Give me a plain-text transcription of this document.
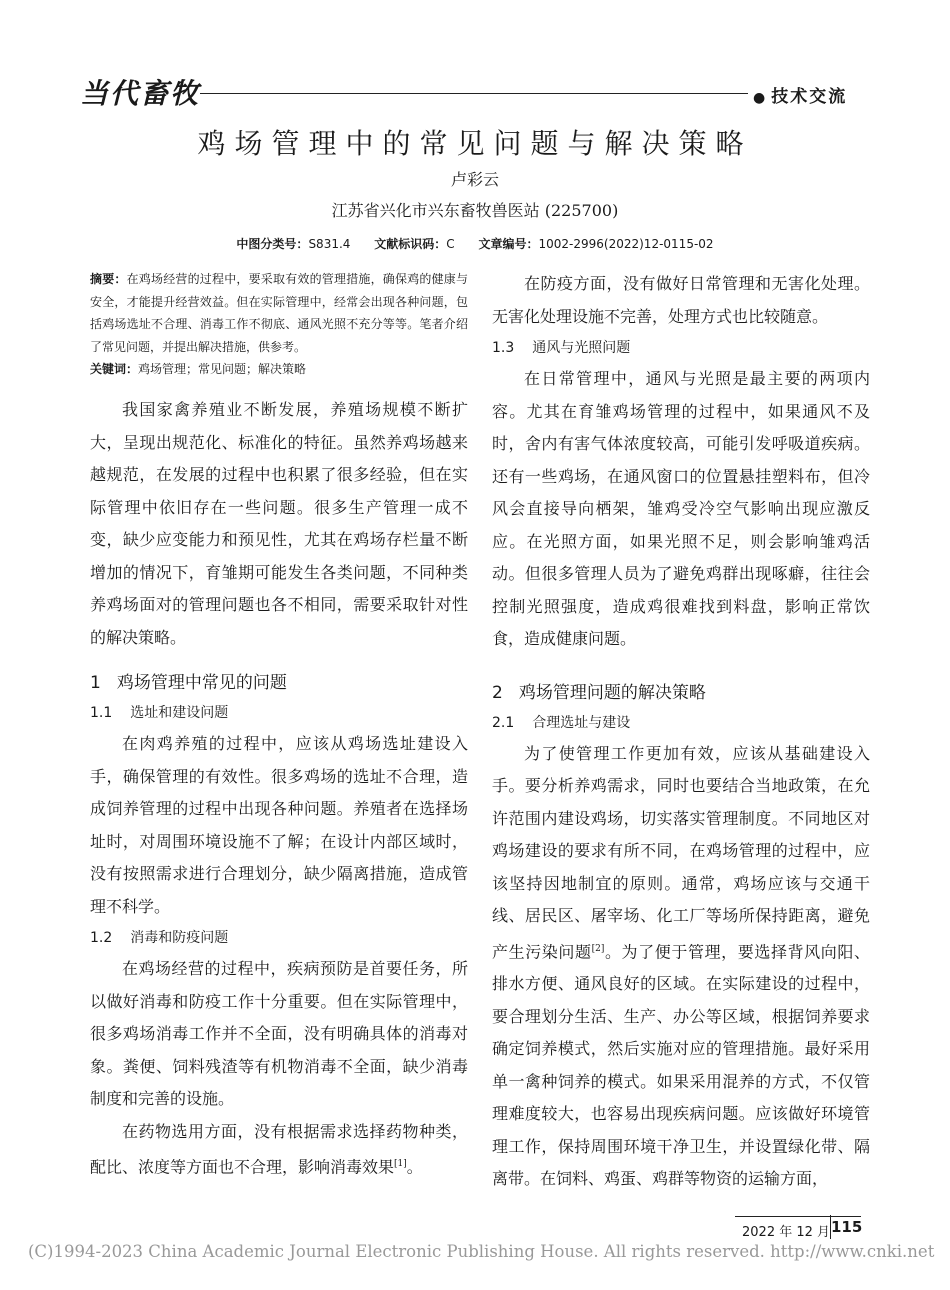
当代畜牧	● 技术交流
鸡场管理中的常见问题与解决策略
卢彩云
江苏省兴化市兴东畜牧兽医站 (225700)
中图分类号：S831.4 文献标识码：C 文章编号：1002-2996(2022)12-0115-02

摘要：在鸡场经营的过程中，要采取有效的管理措施，确保鸡的健康与安全，才能提升经营效益。但在实际管理中，经常会出现各种问题，包括鸡场选址不合理、消毒工作不彻底、通风光照不充分等等。笔者介绍了常见问题，并提出解决措施，供参考。

关键词：鸡场管理；常见问题；解决策略

我国家禽养殖业不断发展，养殖场规模不断扩大，呈现出规范化、标准化的特征。虽然养鸡场越来越规范，在发展的过程中也积累了很多经验，但在实际管理中依旧存在一些问题。很多生产管理一成不变，缺少应变能力和预见性，尤其在鸡场存栏量不断增加的情况下，育雏期可能发生各类问题，不同种类养鸡场面对的管理问题也各不相同，需要采取针对性的解决策略。

1 鸡场管理中常见的问题
1.1 选址和建设问题

在肉鸡养殖的过程中，应该从鸡场选址建设入手，确保管理的有效性。很多鸡场的选址不合理，造成饲养管理的过程中出现各种问题。养殖者在选择场址时，对周围环境设施不了解；在设计内部区域时，没有按照需求进行合理划分，缺少隔离措施，造成管理不科学。

1.2 消毒和防疫问题

在鸡场经营的过程中，疾病预防是首要任务，所以做好消毒和防疫工作十分重要。但在实际管理中，很多鸡场消毒工作并不全面，没有明确具体的消毒对象。粪便、饲料残渣等有机物消毒不全面，缺少消毒制度和完善的设施。

在药物选用方面，没有根据需求选择药物种类，配比、浓度等方面也不合理，影响消毒效果[1]。

在防疫方面，没有做好日常管理和无害化处理。无害化处理设施不完善，处理方式也比较随意。

1.3 通风与光照问题

在日常管理中，通风与光照是最主要的两项内容。尤其在育雏鸡场管理的过程中，如果通风不及时，舍内有害气体浓度较高，可能引发呼吸道疾病。还有一些鸡场，在通风窗口的位置悬挂塑料布，但冷风会直接导向栖架，雏鸡受冷空气影响出现应激反应。在光照方面，如果光照不足，则会影响雏鸡活动。但很多管理人员为了避免鸡群出现啄癖，往往会控制光照强度，造成鸡很难找到料盘，影响正常饮食，造成健康问题。

2 鸡场管理问题的解决策略
2.1 合理选址与建设

为了使管理工作更加有效，应该从基础建设入手。要分析养鸡需求，同时也要结合当地政策，在允许范围内建设鸡场，切实落实管理制度。不同地区对鸡场建设的要求有所不同，在鸡场管理的过程中，应该坚持因地制宜的原则。通常，鸡场应该与交通干线、居民区、屠宰场、化工厂等场所保持距离，避免产生污染问题[2]。为了便于管理，要选择背风向阳、排水方便、通风良好的区域。在实际建设的过程中，要合理划分生活、生产、办公等区域，根据饲养要求确定饲养模式，然后实施对应的管理措施。最好采用单一禽种饲养的模式。如果采用混养的方式，不仅管理难度较大，也容易出现疾病问题。应该做好环境管理工作，保持周围环境干净卫生，并设置绿化带、隔离带。在饲料、鸡蛋、鸡群等物资的运输方面，

2022 年 12 月 115
(C)1994-2023 China Academic Journal Electronic Publishing House. All rights reserved. http://www.cnki.net
